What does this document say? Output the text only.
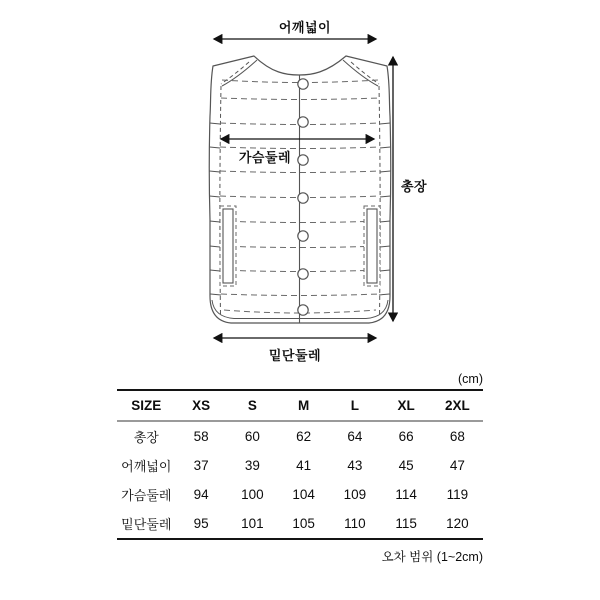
어깨넓이
가슴둘레
총장
밑단둘레
(cm)
SIZE	XS	S	M	L	XL	2XL
총장	58	60	62	64	66	68
어깨넓이	37	39	41	43	45	47
가슴둘레	94	100	104	109	114	119
밑단둘레	95	101	105	110	115	120
오차 범위 (1~2cm)
